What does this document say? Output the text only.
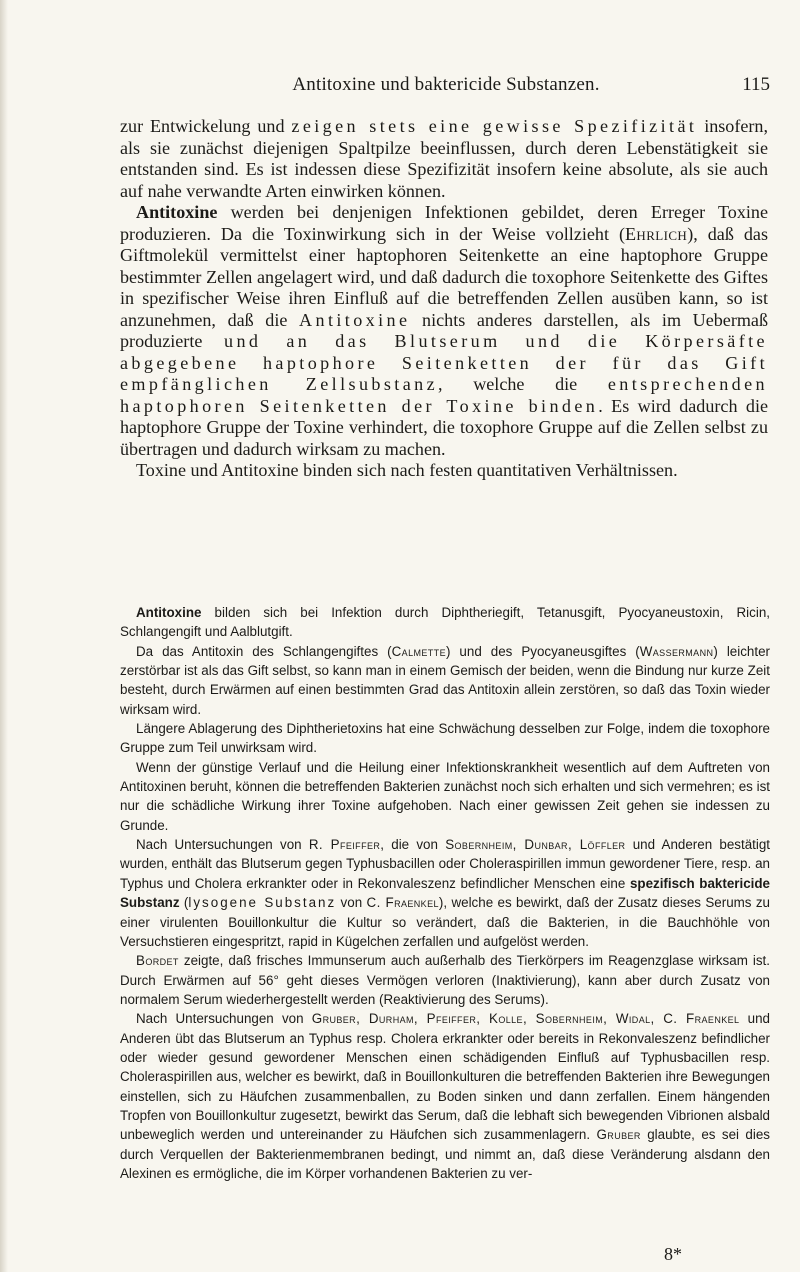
Antitoxine und baktericide Substanzen.	115

zur Entwickelung und zeigen stets eine gewisse Spezifizität insofern, als sie zunächst diejenigen Spaltpilze beeinflussen, durch deren Lebenstätigkeit sie entstanden sind. Es ist indessen diese Spezifizität insofern keine absolute, als sie auch auf nahe verwandte Arten einwirken können.

Antitoxine werden bei denjenigen Infektionen gebildet, deren Erreger Toxine produzieren. Da die Toxinwirkung sich in der Weise vollzieht (Ehrlich), daß das Giftmolekül vermittelst einer haptophoren Seitenkette an eine haptophore Gruppe bestimmter Zellen angelagert wird, und daß dadurch die toxophore Seitenkette des Giftes in spezifischer Weise ihren Einfluß auf die betreffenden Zellen ausüben kann, so ist anzunehmen, daß die Antitoxine nichts anderes darstellen, als im Uebermaß produzierte und an das Blutserum und die Körpersäfte abgegebene haptophore Seitenketten der für das Gift empfänglichen Zellsubstanz, welche die entsprechenden haptophoren Seitenketten der Toxine binden. Es wird dadurch die haptophore Gruppe der Toxine verhindert, die toxophore Gruppe auf die Zellen selbst zu übertragen und dadurch wirksam zu machen.

Toxine und Antitoxine binden sich nach festen quantitativen Verhältnissen.

Antitoxine bilden sich bei Infektion durch Diphtheriegift, Tetanusgift, Pyocyaneustoxin, Ricin, Schlangengift und Aalblutgift.

Da das Antitoxin des Schlangengiftes (Calmette) und des Pyocyaneusgiftes (Wassermann) leichter zerstörbar ist als das Gift selbst, so kann man in einem Gemisch der beiden, wenn die Bindung nur kurze Zeit besteht, durch Erwärmen auf einen bestimmten Grad das Antitoxin allein zerstören, so daß das Toxin wieder wirksam wird.

Längere Ablagerung des Diphtherietoxins hat eine Schwächung desselben zur Folge, indem die toxophore Gruppe zum Teil unwirksam wird.

Wenn der günstige Verlauf und die Heilung einer Infektionskrankheit wesentlich auf dem Auftreten von Antitoxinen beruht, können die betreffenden Bakterien zunächst noch sich erhalten und sich vermehren; es ist nur die schädliche Wirkung ihrer Toxine aufgehoben. Nach einer gewissen Zeit gehen sie indessen zu Grunde.

Nach Untersuchungen von R. Pfeiffer, die von Sobernheim, Dunbar, Löffler und Anderen bestätigt wurden, enthält das Blutserum gegen Typhusbacillen oder Choleraspirillen immun gewordener Tiere, resp. an Typhus und Cholera erkrankter oder in Rekonvaleszenz befindlicher Menschen eine spezifisch baktericide Substanz (lysogene Substanz von C. Fraenkel), welche es bewirkt, daß der Zusatz dieses Serums zu einer virulenten Bouillonkultur die Kultur so verändert, daß die Bakterien, in die Bauchhöhle von Versuchstieren eingespritzt, rapid in Kügelchen zerfallen und aufgelöst werden.

Bordet zeigte, daß frisches Immunserum auch außerhalb des Tierkörpers im Reagenzglase wirksam ist. Durch Erwärmen auf 56° geht dieses Vermögen verloren (Inaktivierung), kann aber durch Zusatz von normalem Serum wiederhergestellt werden (Reaktivierung des Serums).

Nach Untersuchungen von Gruber, Durham, Pfeiffer, Kolle, Sobernheim, Widal, C. Fraenkel und Anderen übt das Blutserum an Typhus resp. Cholera erkrankter oder bereits in Rekonvaleszenz befindlicher oder wieder gesund gewordener Menschen einen schädigenden Einfluß auf Typhusbacillen resp. Choleraspirillen aus, welcher es bewirkt, daß in Bouillonkulturen die betreffenden Bakterien ihre Bewegungen einstellen, sich zu Häufchen zusammenballen, zu Boden sinken und dann zerfallen. Einem hängenden Tropfen von Bouillonkultur zugesetzt, bewirkt das Serum, daß die lebhaft sich bewegenden Vibrionen alsbald unbeweglich werden und untereinander zu Häufchen sich zusammenlagern. Gruber glaubte, es sei dies durch Verquellen der Bakterienmembranen bedingt, und nimmt an, daß diese Veränderung alsdann den Alexinen es ermögliche, die im Körper vorhandenen Bakterien zu ver-

8*
